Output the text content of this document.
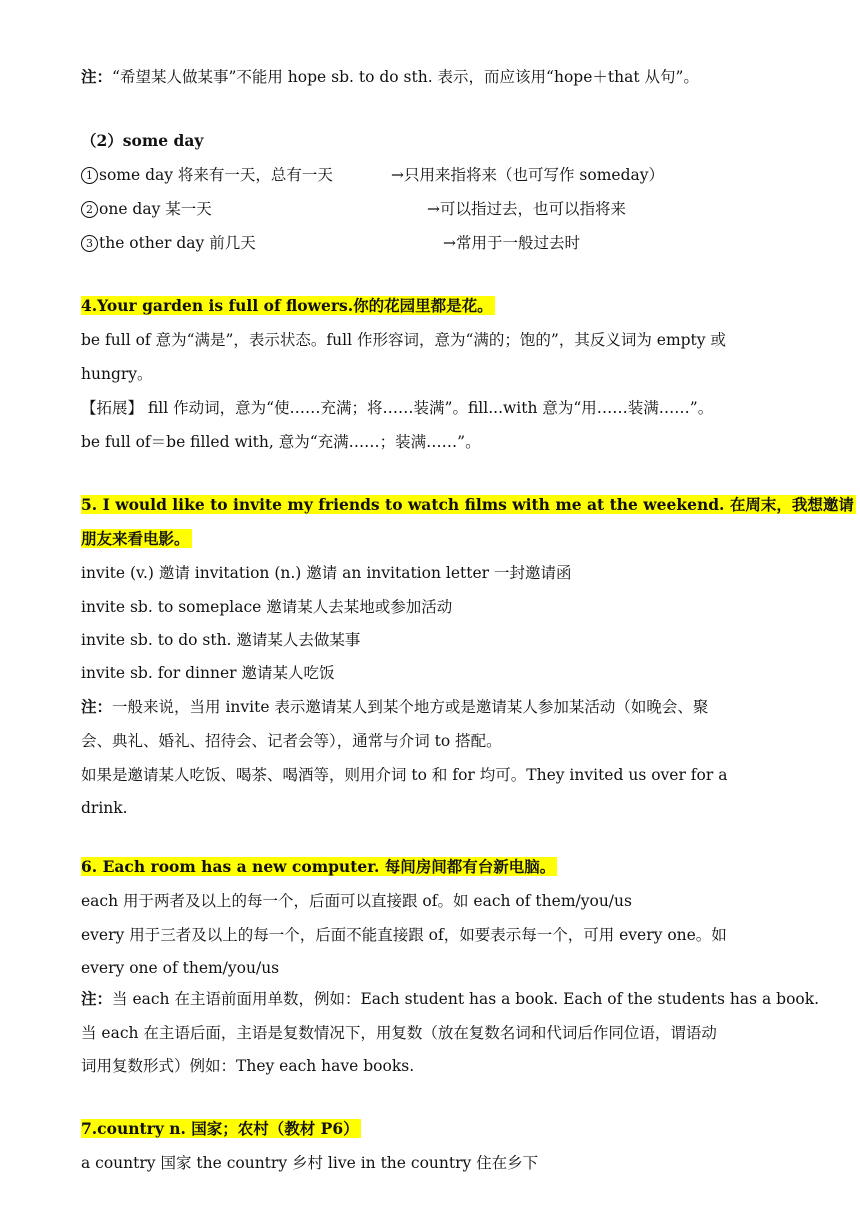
注：“希望某人做某事”不能用 hope sb. to do sth. 表示，而应该用“hope＋that 从句”。
（2）some day
1 some day 将来有一天，总有一天	→只用来指将来（也可写作 someday）
2 one day 某一天	→可以指过去，也可以指将来
3 the other day 前几天	→常用于一般过去时
4.Your garden is full of flowers.你的花园里都是花。
be full of 意为“满是”，表示状态。full 作形容词，意为“满的；饱的”，其反义词为 empty 或
hungry。
【拓展】 fill 作动词，意为“使……充满；将……装满”。fill...with 意为“用……装满……”。
be full of＝be filled with, 意为“充满……；装满……”。
5. I would like to invite my friends to watch films with me at the weekend. 在周末，我想邀请
朋友来看电影。
invite (v.) 邀请 invitation (n.) 邀请 an invitation letter 一封邀请函
invite sb. to someplace 邀请某人去某地或参加活动
invite sb. to do sth. 邀请某人去做某事
invite sb. for dinner 邀请某人吃饭
注：一般来说，当用 invite 表示邀请某人到某个地方或是邀请某人参加某活动（如晚会、聚
会、典礼、婚礼、招待会、记者会等），通常与介词 to 搭配。
如果是邀请某人吃饭、喝茶、喝酒等，则用介词 to 和 for 均可。They invited us over for a
drink.
6. Each room has a new computer. 每间房间都有台新电脑。
each 用于两者及以上的每一个，后面可以直接跟 of。如 each of them/you/us
every 用于三者及以上的每一个，后面不能直接跟 of，如要表示每一个，可用 every one。如
every one of them/you/us
注：当 each 在主语前面用单数，例如：Each student has a book. Each of the students has a book.
当 each 在主语后面，主语是复数情况下，用复数（放在复数名词和代词后作同位语，谓语动
词用复数形式）例如：They each have books.
7.country n. 国家；农村（教材 P6）
a country 国家 the country 乡村 live in the country 住在乡下
